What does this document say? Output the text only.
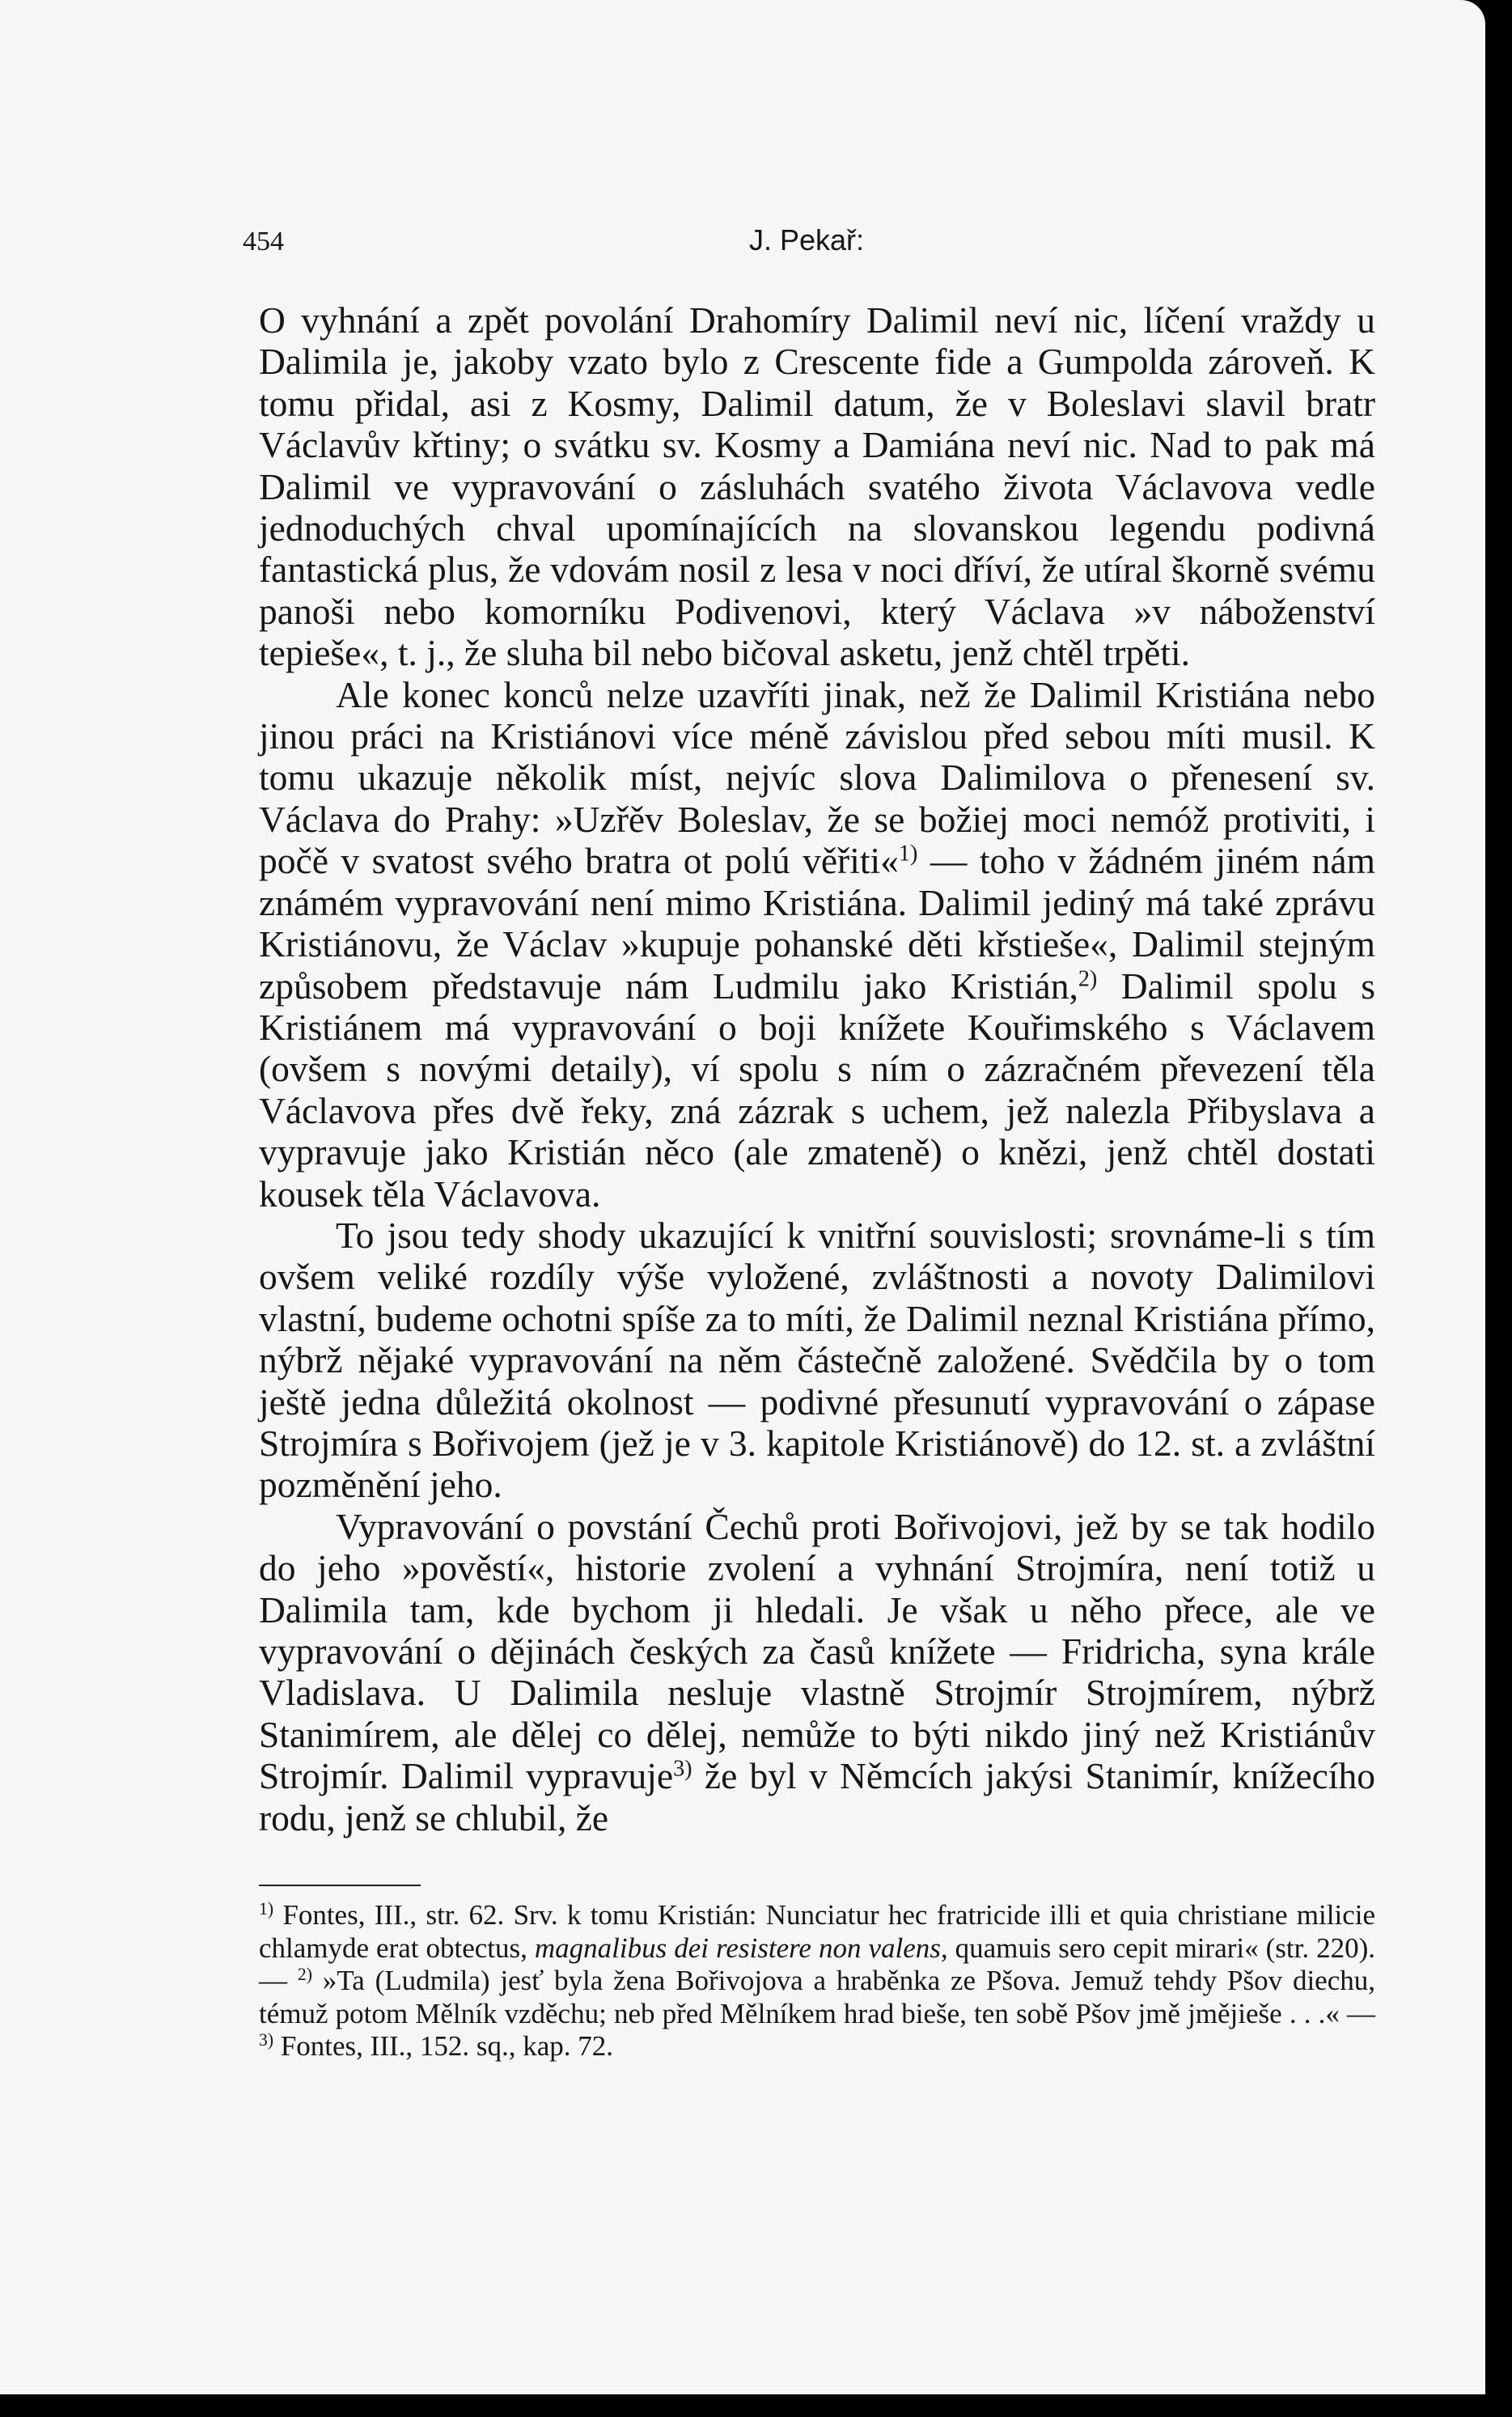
454	J. Pekař:

O vyhnání a zpět povolání Drahomíry Dalimil neví nic, líčení vraždy u Dalimila je, jakoby vzato bylo z Crescente fide a Gumpolda zároveň. K tomu přidal, asi z Kosmy, Dalimil datum, že v Boleslavi slavil bratr Václavův křtiny; o svátku sv. Kosmy a Damiána neví nic. Nad to pak má Dalimil ve vypravování o zásluhách svatého života Václavova vedle jednoduchých chval upomínajících na slovanskou legendu podivná fantastická plus, že vdovám nosil z lesa v noci dříví, že utíral škorně svému panoši nebo komorníku Podivenovi, který Václava »v náboženství tepieše«, t. j., že sluha bil nebo bičoval asketu, jenž chtěl trpěti.

Ale konec konců nelze uzavříti jinak, než že Dalimil Kristiána nebo jinou práci na Kristiánovi více méně závislou před sebou míti musil. K tomu ukazuje několik míst, nejvíc slova Dalimilova o přenesení sv. Václava do Prahy: »Uzřěv Boleslav, že se božiej moci nemóž protiviti, i počě v svatost svého bratra ot polú věřiti«$^{1)}$ — toho v žádném jiném nám známém vypravování není mimo Kristiána. Dalimil jediný má také zprávu Kristiánovu, že Václav »kupuje pohanské děti křstieše«, Dalimil stejným způsobem představuje nám Ludmilu jako Kristián,$^{2)}$ Dalimil spolu s Kristiánem má vypravování o boji knížete Kouřimského s Václavem (ovšem s novými detaily), ví spolu s ním o zázračném převezení těla Václavova přes dvě řeky, zná zázrak s uchem, jež nalezla Přibyslava a vypravuje jako Kristián něco (ale zmateně) o knězi, jenž chtěl dostati kousek těla Václavova.

To jsou tedy shody ukazující k vnitřní souvislosti; srovnáme-li s tím ovšem veliké rozdíly výše vyložené, zvláštnosti a novoty Dalimilovi vlastní, budeme ochotni spíše za to míti, že Dalimil neznal Kristiána přímo, nýbrž nějaké vypravování na něm částečně založené. Svědčila by o tom ještě jedna důležitá okolnost — podivné přesunutí vypravování o zápase Strojmíra s Bořivojem (jež je v 3. kapitole Kristiánově) do 12. st. a zvláštní pozměnění jeho.

Vypravování o povstání Čechů proti Bořivojovi, jež by se tak hodilo do jeho »pověstí«, historie zvolení a vyhnání Strojmíra, není totiž u Dalimila tam, kde bychom ji hledali. Je však u něho přece, ale ve vypravování o dějinách českých za časů knížete — Fridricha, syna krále Vladislava. U Dalimila nesluje vlastně Strojmír Strojmírem, nýbrž Stanimírem, ale dělej co dělej, nemůže to býti nikdo jiný než Kristiánův Strojmír. Dalimil vypravuje$^{3)}$ že byl v Němcích jakýsi Stanimír, knížecího rodu, jenž se chlubil, že

$^{1)}$ Fontes, III., str. 62. Srv. k tomu Kristián: Nunciatur hec fratricide illi et quia christiane milicie chlamyde erat obtectus, magnalibus dei resistere non valens, quamuis sero cepit mirari« (str. 220). — $^{2)}$ »Ta (Ludmila) jesť byla žena Bořivojova a hraběnka ze Pšova. Jemuž tehdy Pšov diechu, témuž potom Mělník vzděchu; neb před Mělníkem hrad bieše, ten sobě Pšov jmě jmějieše . . .« — $^{3)}$ Fontes, III., 152. sq., kap. 72.
